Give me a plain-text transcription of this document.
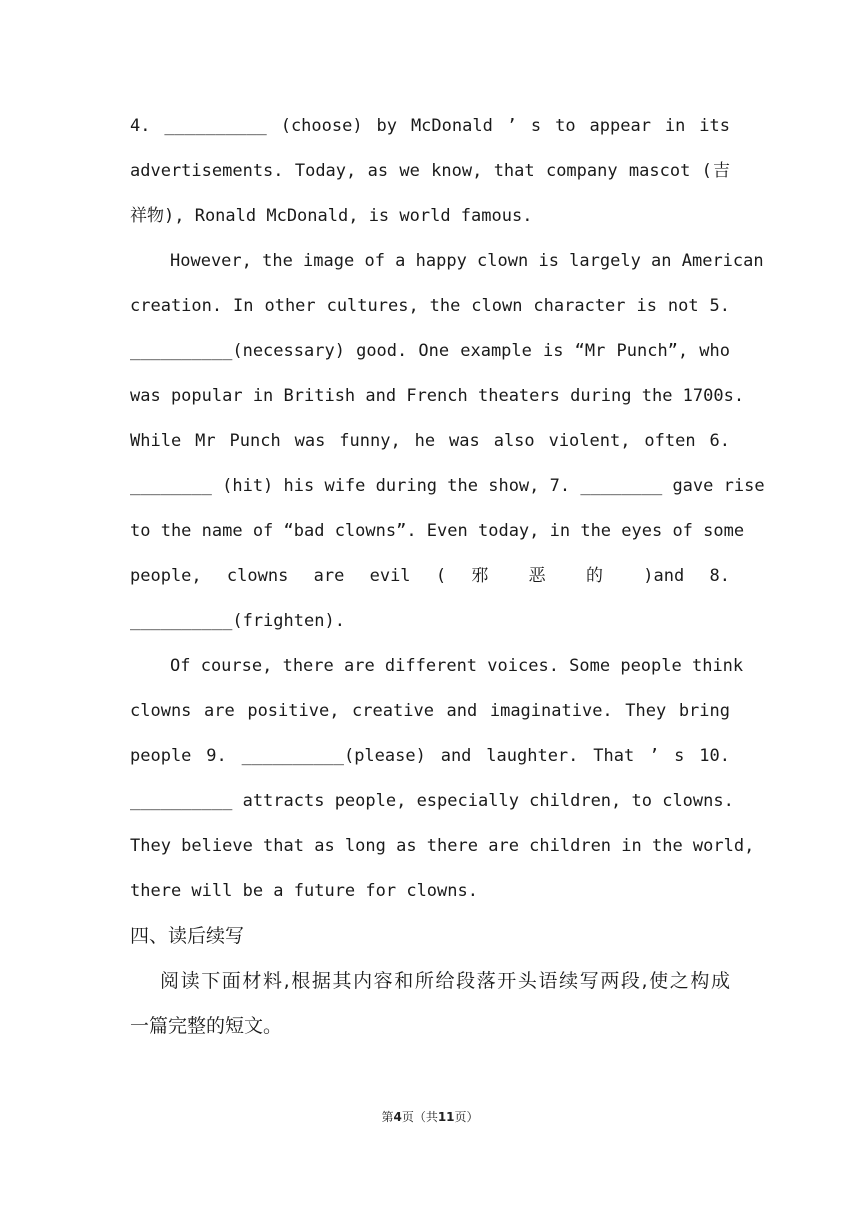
4. __________ (choose) by McDonald ’ s to appear in its
advertisements. Today, as we know, that company mascot (吉
祥物), Ronald McDonald, is world famous.
However, the image of a happy clown is largely an American
creation. In other cultures, the clown character is not 5.
__________(necessary) good. One example is “Mr Punch”, who
was popular in British and French theaters during the 1700s.
While Mr Punch was funny, he was also violent, often 6.
________ (hit) his wife during the show, 7. ________ gave rise
to the name of “bad clowns”. Even today, in the eyes of some
people, clowns are evil ( 邪 恶 的 )and 8.
__________(frighten).
Of course, there are different voices. Some people think
clowns are positive, creative and imaginative. They bring
people 9. __________(please) and laughter. That ’ s 10.
__________ attracts people, especially children, to clowns.
They believe that as long as there are children in the world,
there will be a future for clowns.
四、读后续写
阅读下面材料,根据其内容和所给段落开头语续写两段,使之构成
一篇完整的短文。
第4页（共11页）
